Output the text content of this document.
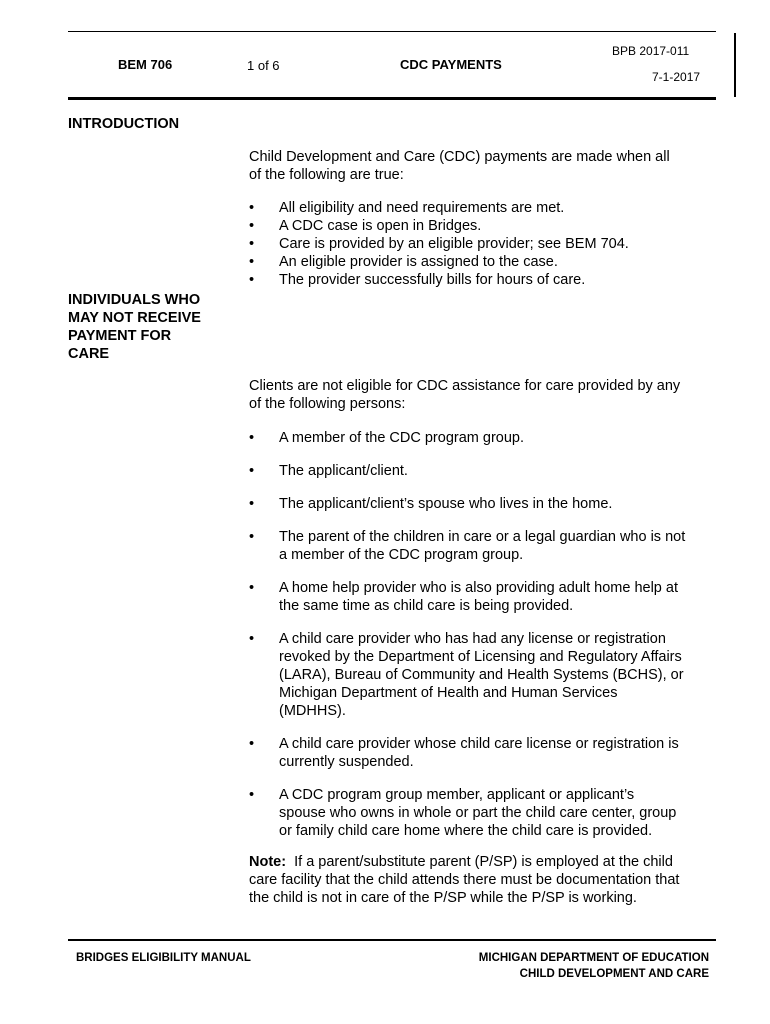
BEM 706	1 of 6	CDC PAYMENTS
BPB 2017-011
7-1-2017
INTRODUCTION
Child Development and Care (CDC) payments are made when all
of the following are true:
•	All eligibility and need requirements are met.
•	A CDC case is open in Bridges.
•	Care is provided by an eligible provider; see BEM 704.
•	An eligible provider is assigned to the case.
•	The provider successfully bills for hours of care.
INDIVIDUALS WHO
MAY NOT RECEIVE
PAYMENT FOR
CARE
Clients are not eligible for CDC assistance for care provided by any
of the following persons:
•	A member of the CDC program group.
•	The applicant/client.
•	The applicant/client’s spouse who lives in the home.
•	The parent of the children in care or a legal guardian who is not
a member of the CDC program group.
•	A home help provider who is also providing adult home help at
the same time as child care is being provided.
•	A child care provider who has had any license or registration
revoked by the Department of Licensing and Regulatory Affairs
(LARA), Bureau of Community and Health Systems (BCHS), or
Michigan Department of Health and Human Services
(MDHHS).
•	A child care provider whose child care license or registration is
currently suspended.
•	A CDC program group member, applicant or applicant’s
spouse who owns in whole or part the child care center, group
or family child care home where the child care is provided.
Note: If a parent/substitute parent (P/SP) is employed at the child
care facility that the child attends there must be documentation that
the child is not in care of the P/SP while the P/SP is working.
BRIDGES ELIGIBILITY MANUAL	MICHIGAN DEPARTMENT OF EDUCATION
CHILD DEVELOPMENT AND CARE
